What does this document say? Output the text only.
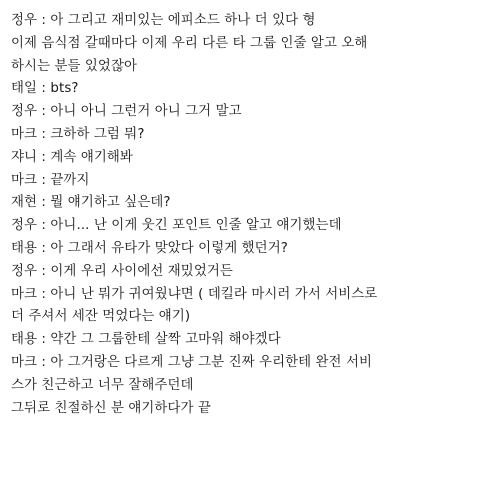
정우 : 아 그리고 재미있는 에피소드 하나 더 있다 형
이제 음식점 갈때마다 이제 우리 다른 타 그룹 인줄 알고 오해
하시는 분들 있었잖아
태일 : bts?
정우 : 아니 아니 그런거 아니 그거 말고
마크 : 크하하 그럼 뭐?
쟈니 : 계속 얘기해봐
마크 : 끝까지
재현 : 뭘 얘기하고 싶은데?
정우 : 아니... 난 이게 웃긴 포인트 인줄 알고 얘기했는데
태용 : 아 그래서 유타가 맞았다 이렇게 했던거?
정우 : 이게 우리 사이에선 재밌었거든
마크 : 아니 난 뭐가 귀여웠냐면 ( 데킬라 마시러 가서 서비스로
더 주셔서 세잔 먹었다는 얘기)
태용 : 약간 그 그룹한테 살짝 고마워 해야겠다
마크 : 아 그거랑은 다르게 그냥 그분 진짜 우리한테 완전 서비
스가 친근하고 너무 잘해주던데
그뒤로 친절하신 분 얘기하다가 끝
